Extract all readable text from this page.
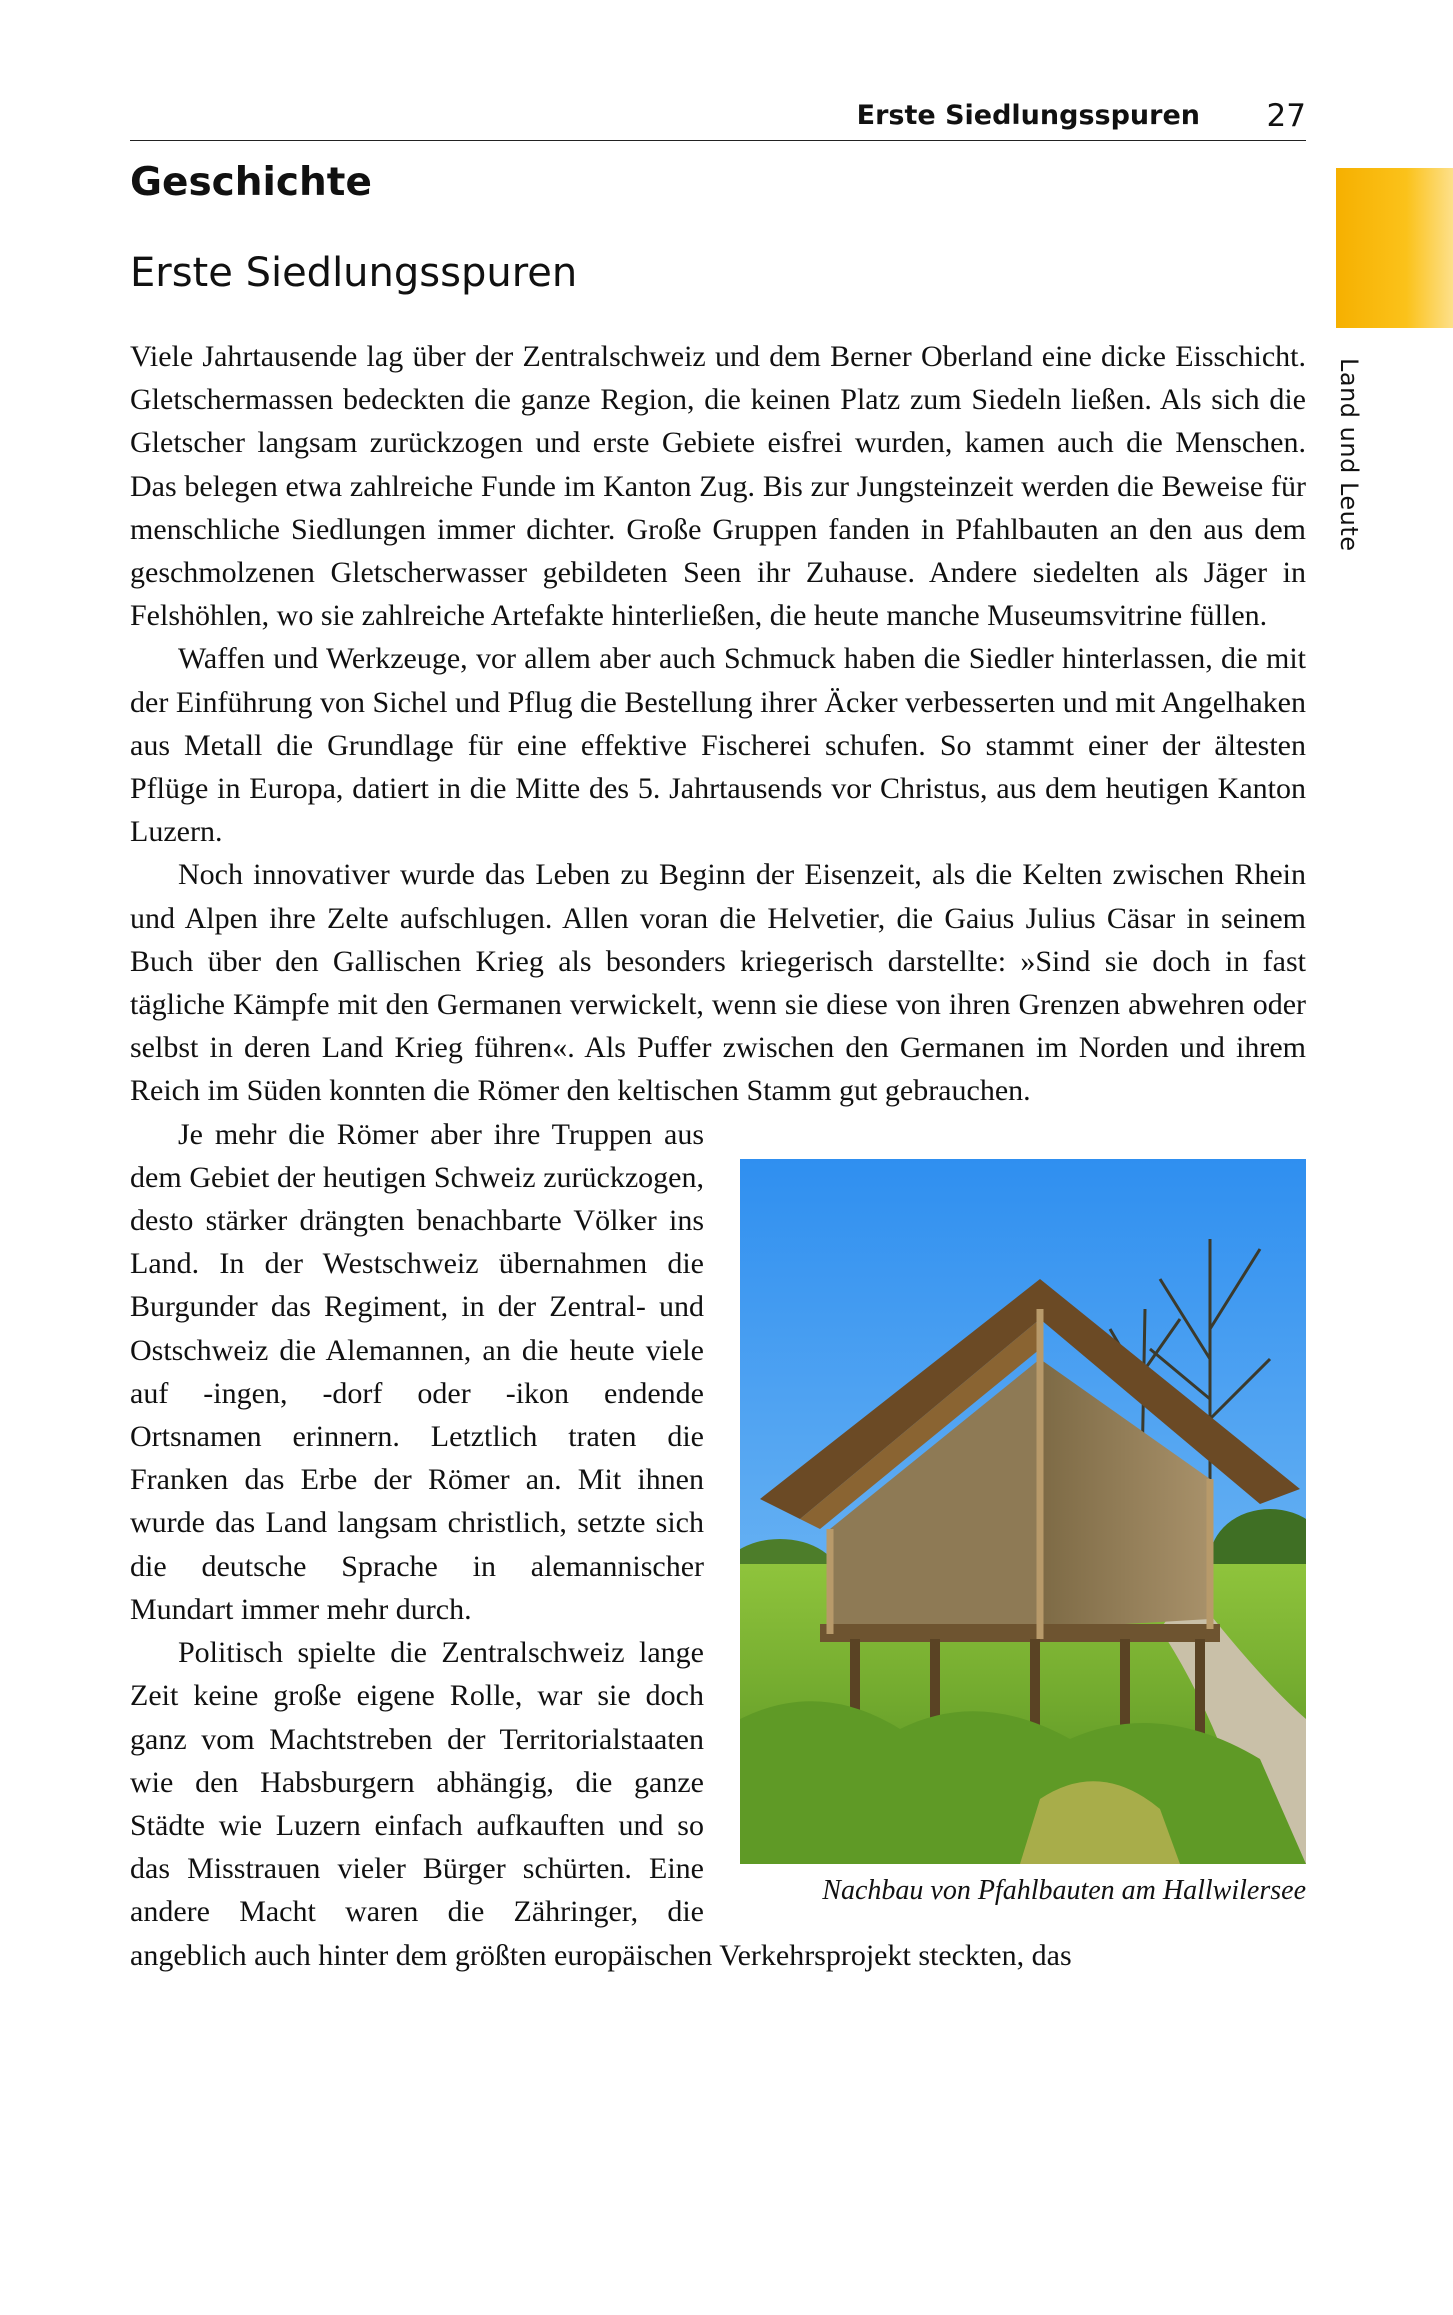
Erste Siedlungsspuren	27
Land und Leute
Geschichte
Erste Siedlungsspuren

Viele Jahrtausende lag über der Zentralschweiz und dem Berner Oberland eine dicke Eisschicht. Gletschermassen bedeckten die ganze Region, die keinen Platz zum Siedeln ließen. Als sich die Gletscher langsam zurückzogen und erste Gebiete eisfrei wurden, kamen auch die Menschen. Das belegen etwa zahlreiche Funde im Kanton Zug. Bis zur Jungsteinzeit werden die Beweise für menschliche Siedlungen immer dichter. Große Gruppen fanden in Pfahlbauten an den aus dem geschmolzenen Gletscherwasser gebildeten Seen ihr Zuhause. Andere siedelten als Jäger in Felshöhlen, wo sie zahlreiche Artefakte hinterließen, die heute manche Museumsvitrine füllen.

Waffen und Werkzeuge, vor allem aber auch Schmuck haben die Siedler hinterlassen, die mit der Einführung von Sichel und Pflug die Bestellung ihrer Äcker verbesserten und mit Angelhaken aus Metall die Grundlage für eine effektive Fischerei schufen. So stammt einer der ältesten Pflüge in Europa, datiert in die Mitte des 5. Jahrtausends vor Christus, aus dem heutigen Kanton Luzern.

Noch innovativer wurde das Leben zu Beginn der Eisenzeit, als die Kelten zwischen Rhein und Alpen ihre Zelte aufschlugen. Allen voran die Helvetier, die Gaius Julius Cäsar in seinem Buch über den Gallischen Krieg als besonders kriegerisch darstellte: »Sind sie doch in fast tägliche Kämpfe mit den Germanen verwickelt, wenn sie diese von ihren Grenzen abwehren oder selbst in deren Land Krieg führen«. Als Puffer zwischen den Germanen im Norden und ihrem Reich im Süden konnten die Römer den keltischen Stamm gut gebrauchen.

Nachbau von Pfahlbauten am Hallwilersee

Je mehr die Römer aber ihre Truppen aus dem Gebiet der heutigen Schweiz zurückzogen, desto stärker drängten benachbarte Völker ins Land. In der Westschweiz übernahmen die Burgunder das Regiment, in der Zentral- und Ostschweiz die Alemannen, an die heute viele auf -ingen, -dorf oder -ikon endende Ortsnamen erinnern. Letztlich traten die Franken das Erbe der Römer an. Mit ihnen wurde das Land langsam christlich, setzte sich die deutsche Sprache in alemannischer Mundart immer mehr durch.

Politisch spielte die Zentralschweiz lange Zeit keine große eigene Rolle, war sie doch ganz vom Machtstreben der Territorialstaaten wie den Habsburgern abhängig, die ganze Städte wie Luzern einfach aufkauften und so das Misstrauen vieler Bürger schürten. Eine andere Macht waren die Zähringer, die angeblich auch hinter dem größten europäischen Verkehrsprojekt steckten, das
